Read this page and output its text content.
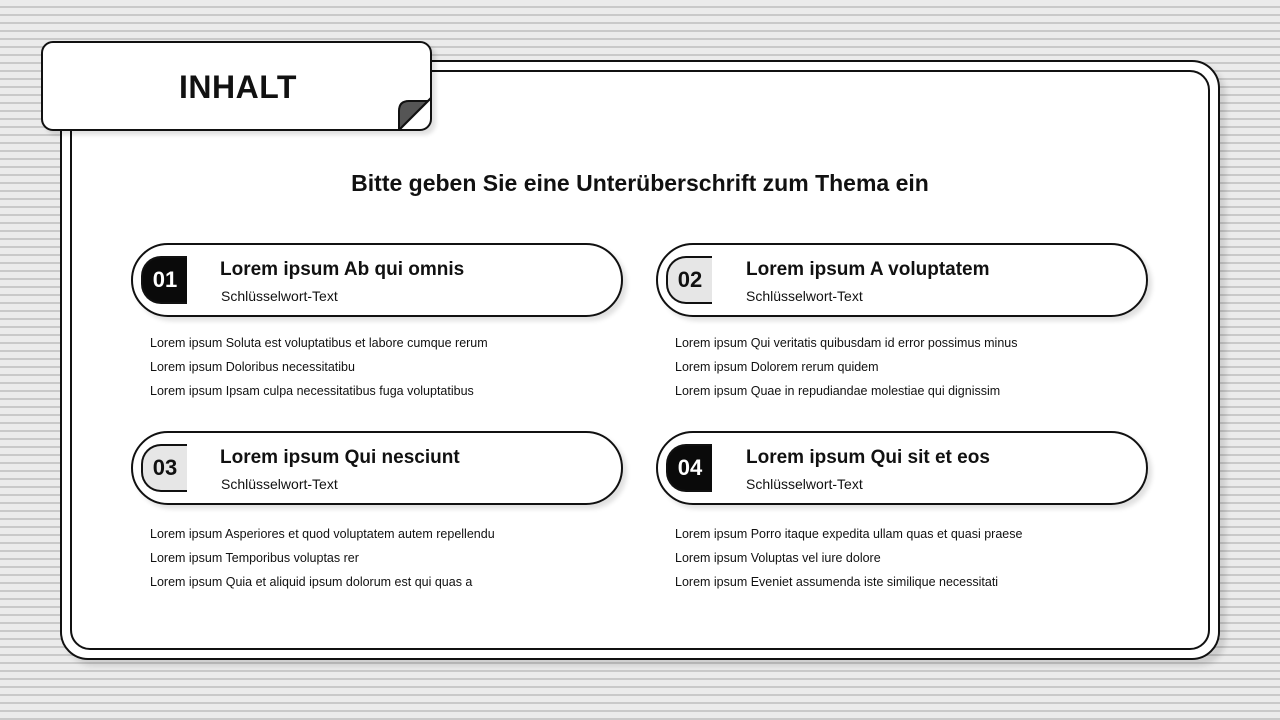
INHALT
Bitte geben Sie eine Unterüberschrift zum Thema ein
01	Lorem ipsum Ab qui omnis
Schlüsselwort-Text
Lorem ipsum Soluta est voluptatibus et labore cumque rerum
Lorem ipsum Doloribus necessitatibu
Lorem ipsum Ipsam culpa necessitatibus fuga voluptatibus
02	Lorem ipsum A voluptatem
Schlüsselwort-Text
Lorem ipsum Qui veritatis quibusdam id error possimus minus
Lorem ipsum Dolorem rerum quidem
Lorem ipsum Quae in repudiandae molestiae qui dignissim
03	Lorem ipsum Qui nesciunt
Schlüsselwort-Text
Lorem ipsum Asperiores et quod voluptatem autem repellendu
Lorem ipsum Temporibus voluptas rer
Lorem ipsum Quia et aliquid ipsum dolorum est qui quas a
04	Lorem ipsum Qui sit et eos
Schlüsselwort-Text
Lorem ipsum Porro itaque expedita ullam quas et quasi praese
Lorem ipsum Voluptas vel iure dolore
Lorem ipsum Eveniet assumenda iste similique necessitati
